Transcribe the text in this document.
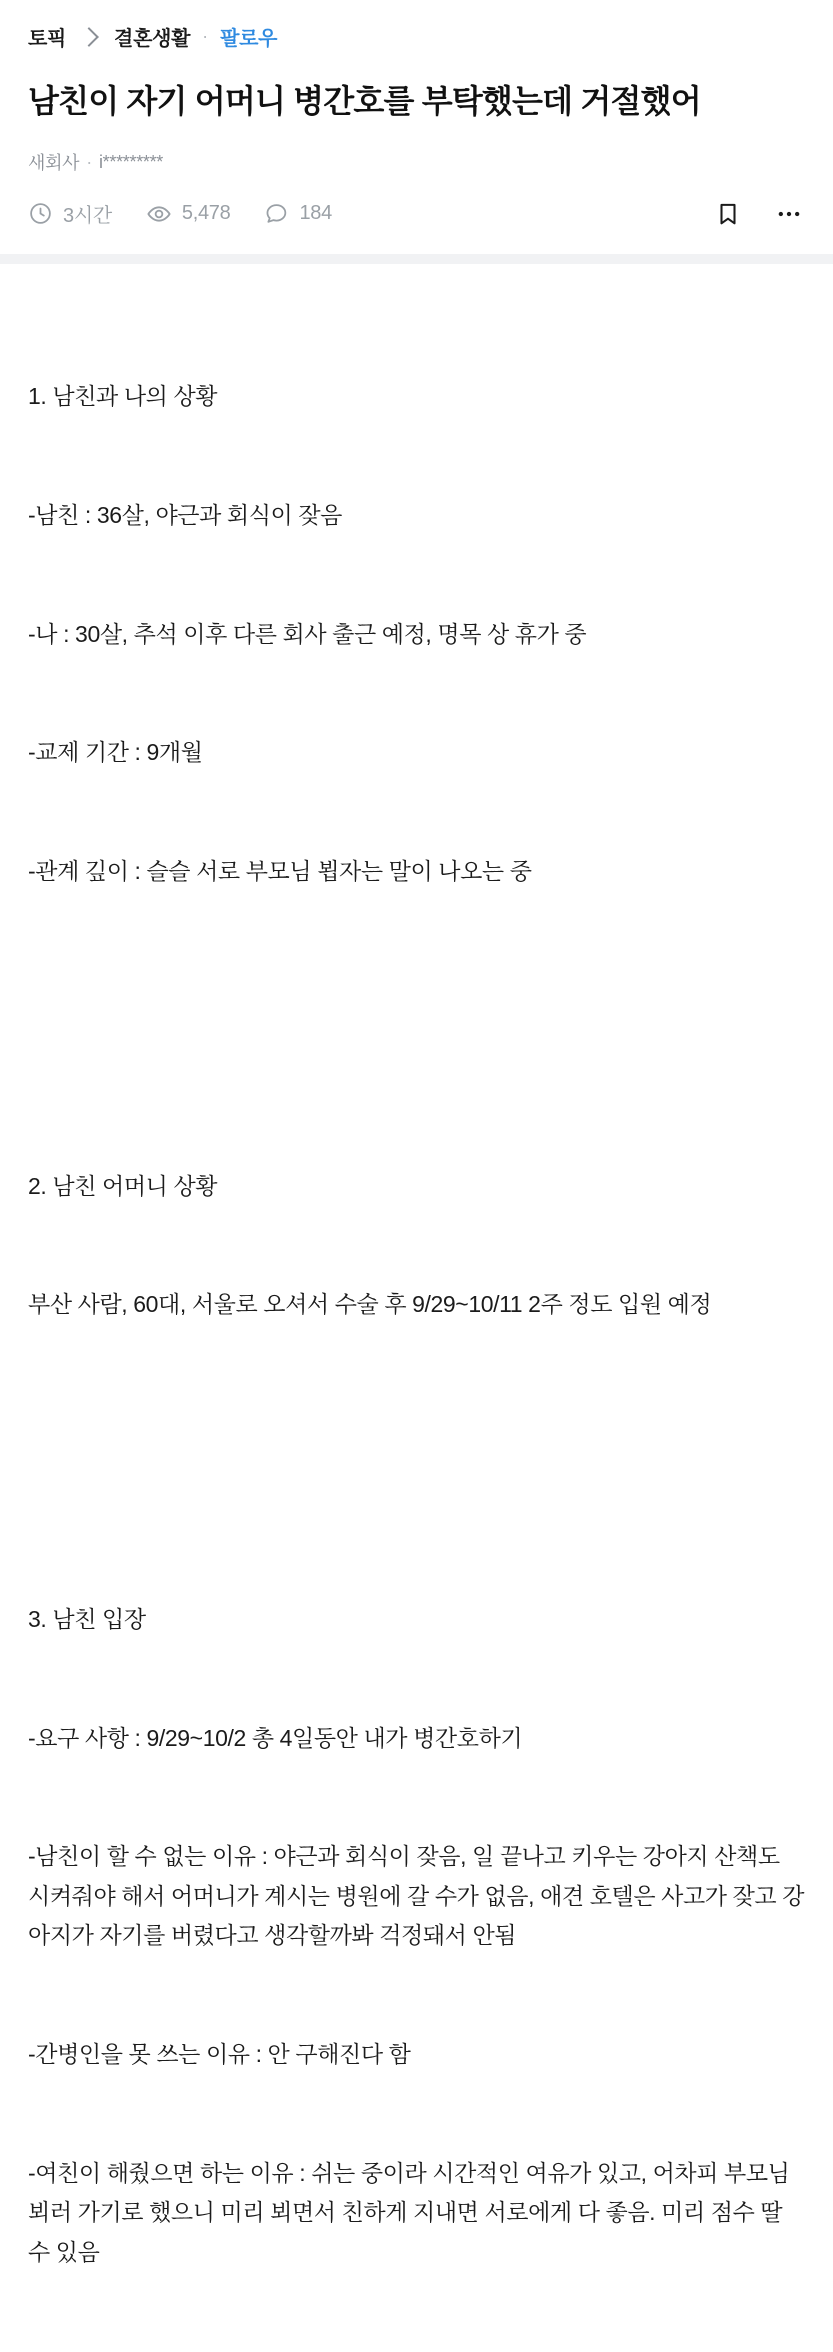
토픽 결혼생활 · 팔로우
남친이 자기 어머니 병간호를 부탁했는데 거절했어
새회사 · i*********
3시간	5,478	184

1. 남친과 나의 상황

-남친 : 36살, 야근과 회식이 잦음

-나 : 30살, 추석 이후 다른 회사 출근 예정, 명목 상 휴가 중

-교제 기간 : 9개월

-관계 깊이 : 슬슬 서로 부모님 뵙자는 말이 나오는 중

2. 남친 어머니 상황

부산 사람, 60대, 서울로 오셔서 수술 후 9/29~10/11 2주 정도 입원 예정

3. 남친 입장

-요구 사항 : 9/29~10/2 총 4일동안 내가 병간호하기

-남친이 할 수 없는 이유 : 야근과 회식이 잦음, 일 끝나고 키우는 강아지 산책도 시켜줘야 해서 어머니가 계시는 병원에 갈 수가 없음, 애견 호텔은 사고가 잦고 강아지가 자기를 버렸다고 생각할까봐 걱정돼서 안됨

-간병인을 못 쓰는 이유 : 안 구해진다 함

-여친이 해줬으면 하는 이유 : 쉬는 중이라 시간적인 여유가 있고, 어차피 부모님 뵈러 가기로 했으니 미리 뵈면서 친하게 지내면 서로에게 다 좋음. 미리 점수 딸 수 있음
